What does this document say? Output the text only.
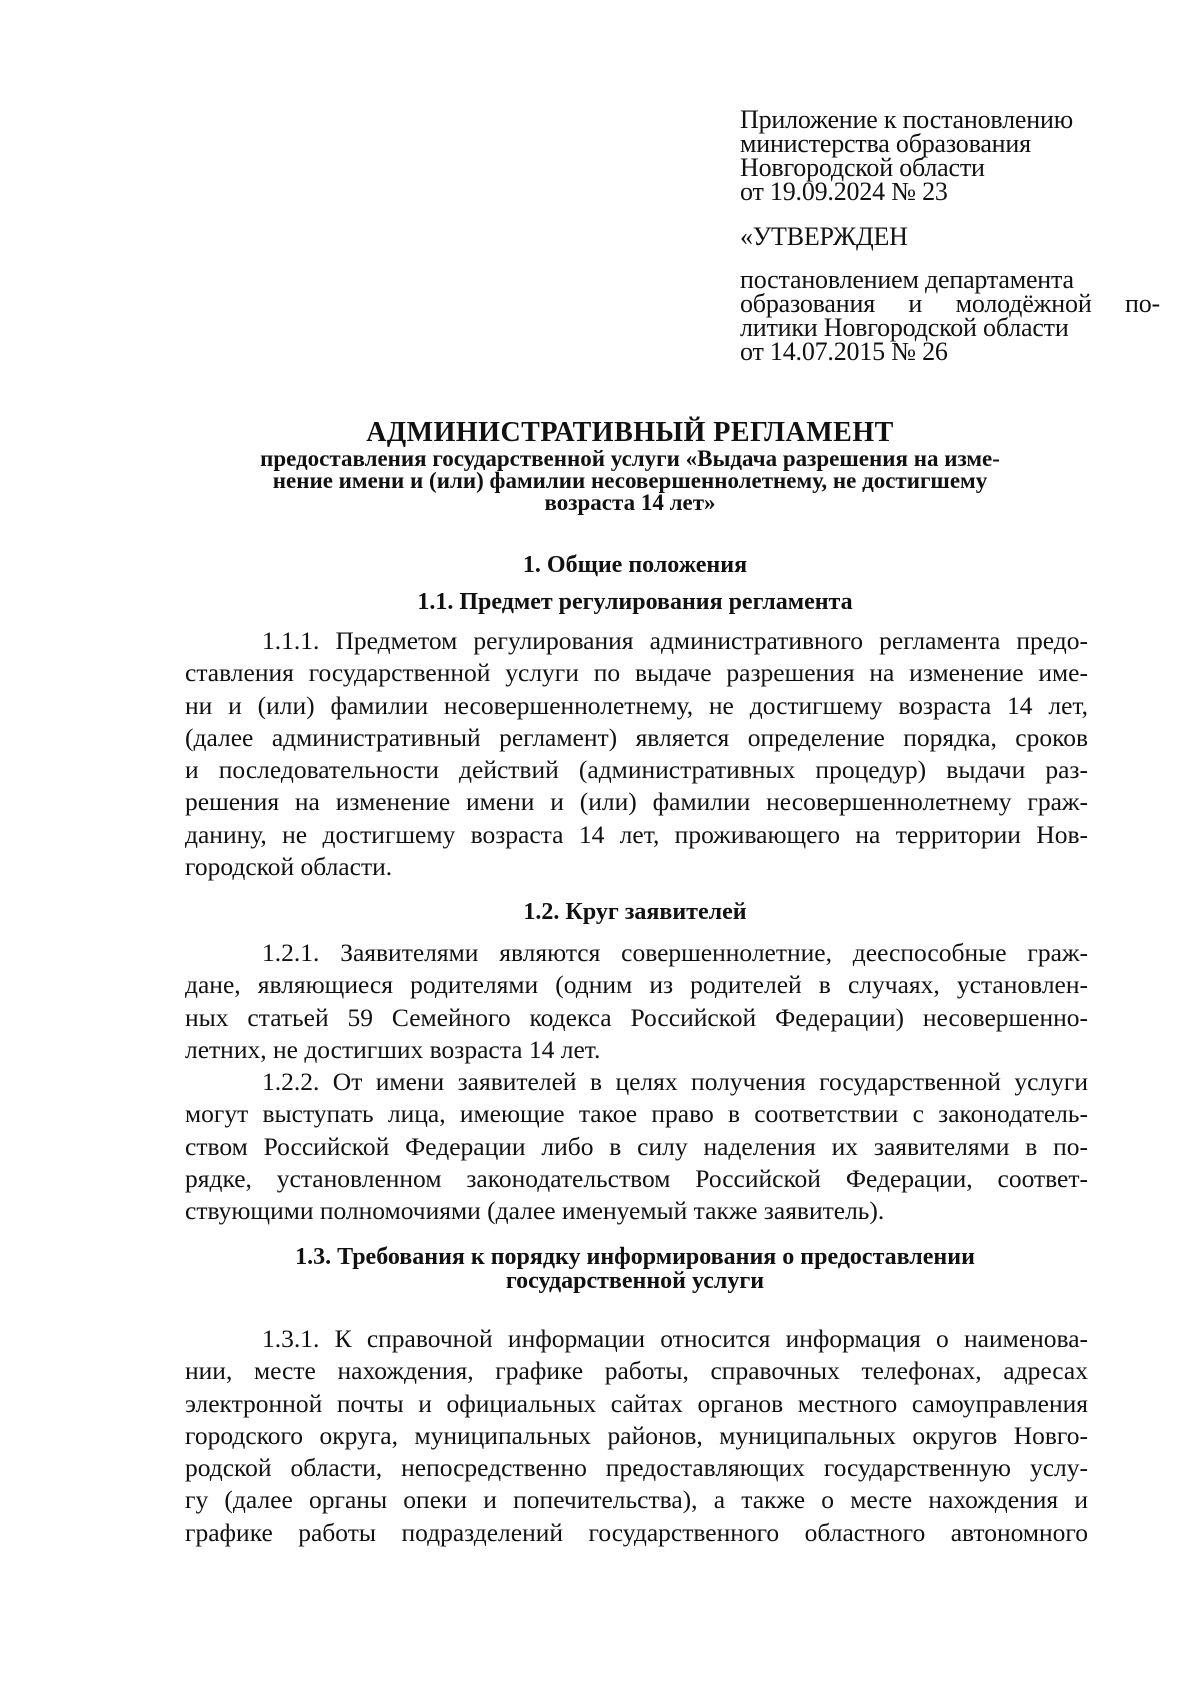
Приложение к постановлению
министерства образования
Новгородской области
от 19.09.2024 № 23
«УТВЕРЖДЕН
постановлением департамента
образования и молодёжной по-
литики Новгородской области
от 14.07.2015 № 26
АДМИНИСТРАТИВНЫЙ РЕГЛАМЕНТ
предоставления государственной услуги «Выдача разрешения на изме-
нение имени и (или) фамилии несовершеннолетнему, не достигшему
возраста 14 лет»
1. Общие положения
1.1. Предмет регулирования регламента
1.1.1. Предметом регулирования административного регламента предо-
ставления государственной услуги по выдаче разрешения на изменение име-
ни и (или) фамилии несовершеннолетнему, не достигшему возраста 14 лет,
(далее административный регламент) является определение порядка, сроков
и последовательности действий (административных процедур) выдачи раз-
решения на изменение имени и (или) фамилии несовершеннолетнему граж-
данину, не достигшему возраста 14 лет, проживающего на территории Нов-
городской области.
1.2. Круг заявителей
1.2.1. Заявителями являются совершеннолетние, дееспособные граж-
дане, являющиеся родителями (одним из родителей в случаях, установлен-
ных статьей 59 Семейного кодекса Российской Федерации) несовершенно-
летних, не достигших возраста 14 лет.
1.2.2. От имени заявителей в целях получения государственной услуги
могут выступать лица, имеющие такое право в соответствии с законодатель-
ством Российской Федерации либо в силу наделения их заявителями в по-
рядке, установленном законодательством Российской Федерации, соответ-
ствующими полномочиями (далее именуемый также заявитель).
1.3. Требования к порядку информирования о предоставлении
государственной услуги
1.3.1. К справочной информации относится информация о наименова-
нии, месте нахождения, графике работы, справочных телефонах, адресах
электронной почты и официальных сайтах органов местного самоуправления
городского округа, муниципальных районов, муниципальных округов Новго-
родской области, непосредственно предоставляющих государственную услу-
гу (далее органы опеки и попечительства), а также о месте нахождения и
графике работы подразделений государственного областного автономного
